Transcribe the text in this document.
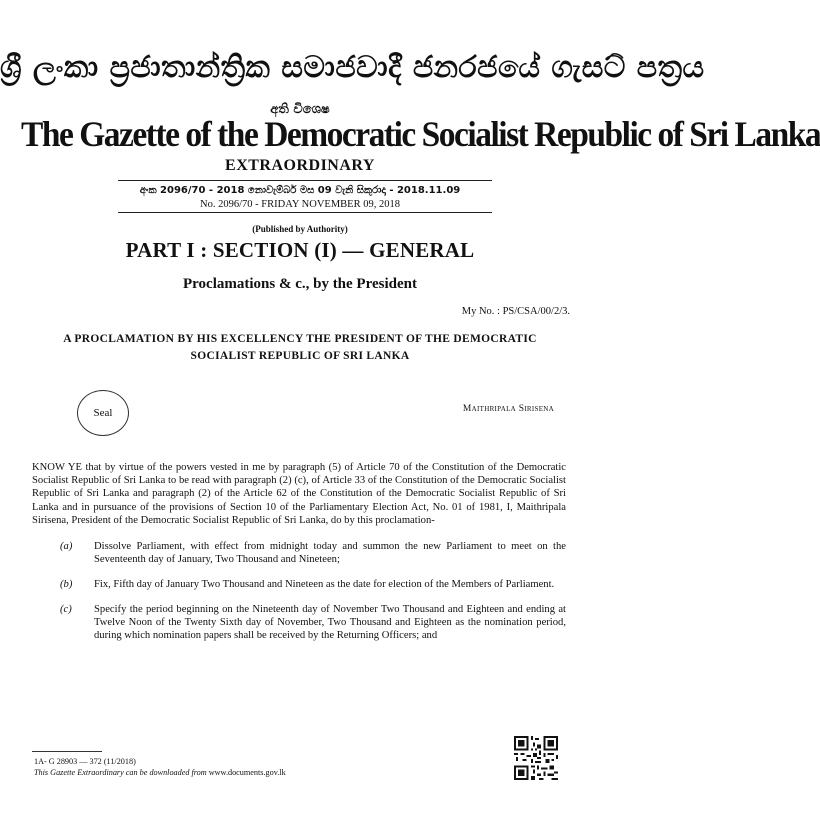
ශ්‍රී ලංකා ප්‍රජාතාන්ත්‍රික සමාජවාදී ජනරජයේ ගැසට් පත්‍රය
අති විශෙෂ
The Gazette of the Democratic Socialist Republic of Sri Lanka
EXTRAORDINARY
අංක 2096/70 - 2018 නොවැම්බර් මස 09 වැනි සිකුරාදා - 2018.11.09
No. 2096/70 - FRIDAY NOVEMBER 09, 2018
(Published by Authority)
PART I : SECTION (I) — GENERAL
Proclamations & c., by the President
My No. : PS/CSA/00/2/3.
A PROCLAMATION BY HIS EXCELLENCY THE PRESIDENT OF THE DEMOCRATIC SOCIALIST REPUBLIC OF SRI LANKA
Seal	Maithripala Sirisena
KNOW YE that by virtue of the powers vested in me by paragraph (5) of Article 70 of the Constitution of the Democratic Socialist Republic of Sri Lanka to be read with paragraph (2) (c), of Article 33 of the Constitution of the Democratic Socialist Republic of Sri Lanka and paragraph (2) of the Article 62 of the Constitution of the Democratic Socialist Republic of Sri Lanka and in pursuance of the provisions of Section 10 of the Parliamentary Election Act, No. 01 of 1981, I, Maithripala Sirisena, President of the Democratic Socialist Republic of Sri Lanka, do by this proclamation-
(a)	Dissolve Parliament, with effect from midnight today and summon the new Parliament to meet on the Seventeenth day of January, Two Thousand and Nineteen;
(b)	Fix, Fifth day of January Two Thousand and Nineteen as the date for election of the Members of Parliament.
(c)	Specify the period beginning on the Nineteenth day of November Two Thousand and Eighteen and ending at Twelve Noon of the Twenty Sixth day of November, Two Thousand and Eighteen as the nomination period, during which nomination papers shall be received by the Returning Officers; and
1A- G 28903 — 372 (11/2018)
This Gazette Extraordinary can be downloaded from www.documents.gov.lk
